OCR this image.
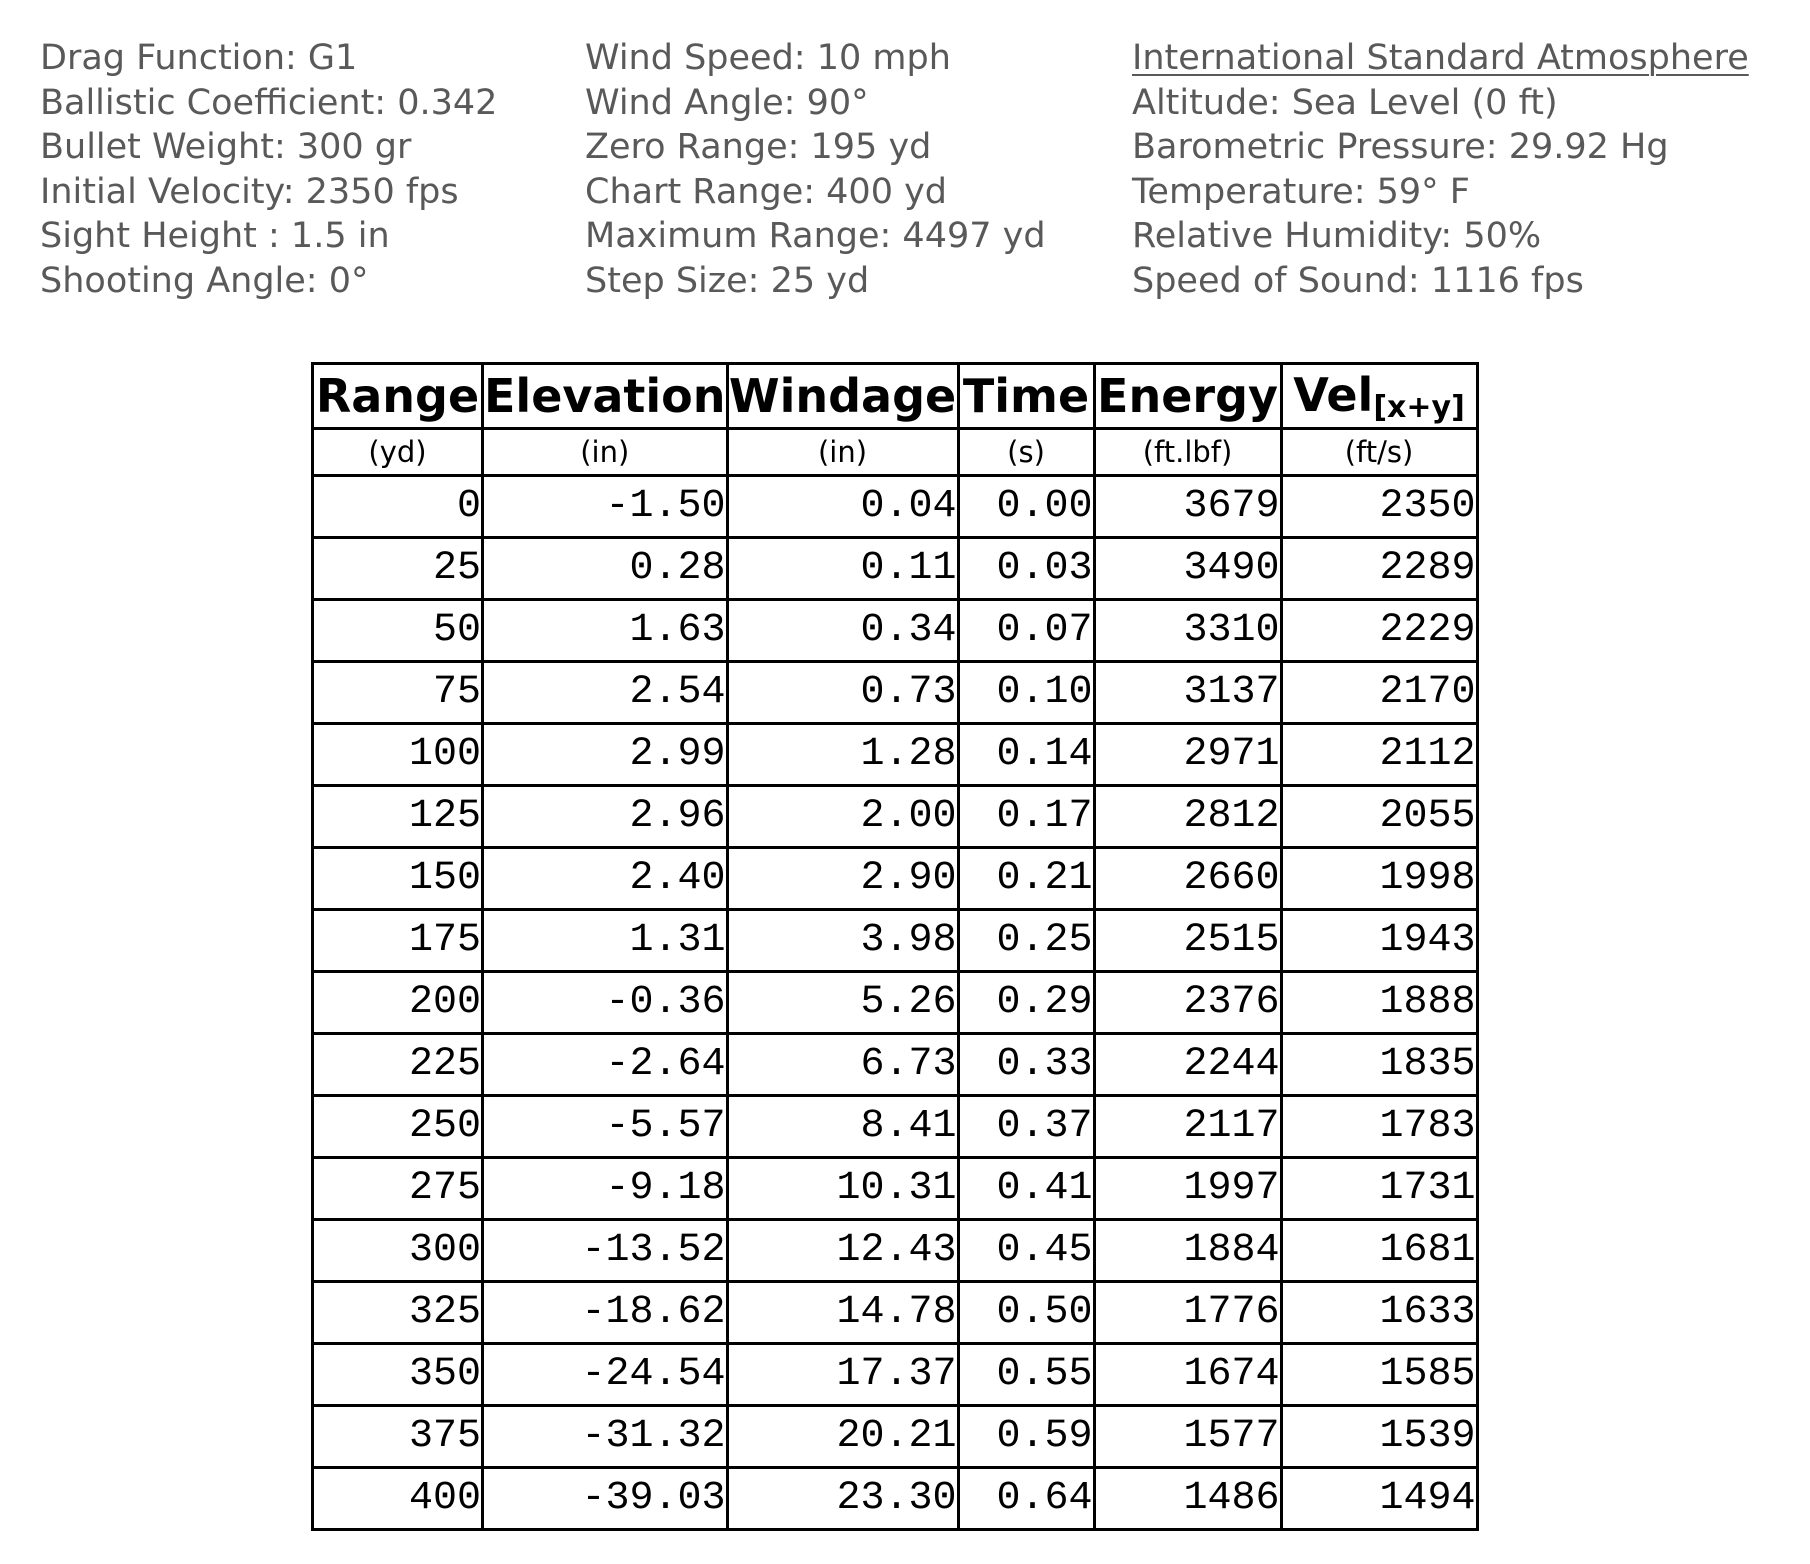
Drag Function: G1
Ballistic Coefficient: 0.342
Bullet Weight: 300 gr
Initial Velocity: 2350 fps
Sight Height : 1.5 in
Shooting Angle: 0°
Wind Speed: 10 mph
Wind Angle: 90°
Zero Range: 195 yd
Chart Range: 400 yd
Maximum Range: 4497 yd
Step Size: 25 yd
International Standard Atmosphere
Altitude: Sea Level (0 ft)
Barometric Pressure: 29.92 Hg
Temperature: 59° F
Relative Humidity: 50%
Speed of Sound: 1116 fps
Range	Elevation	Windage	Time	Energy	Vel$_{[x+y]}$
(yd)	(in)	(in)	(s)	(ft.lbf)	(ft/s)
0	-1.50	0.04	0.00	3679	2350
25	0.28	0.11	0.03	3490	2289
50	1.63	0.34	0.07	3310	2229
75	2.54	0.73	0.10	3137	2170
100	2.99	1.28	0.14	2971	2112
125	2.96	2.00	0.17	2812	2055
150	2.40	2.90	0.21	2660	1998
175	1.31	3.98	0.25	2515	1943
200	-0.36	5.26	0.29	2376	1888
225	-2.64	6.73	0.33	2244	1835
250	-5.57	8.41	0.37	2117	1783
275	-9.18	10.31	0.41	1997	1731
300	-13.52	12.43	0.45	1884	1681
325	-18.62	14.78	0.50	1776	1633
350	-24.54	17.37	0.55	1674	1585
375	-31.32	20.21	0.59	1577	1539
400	-39.03	23.30	0.64	1486	1494
